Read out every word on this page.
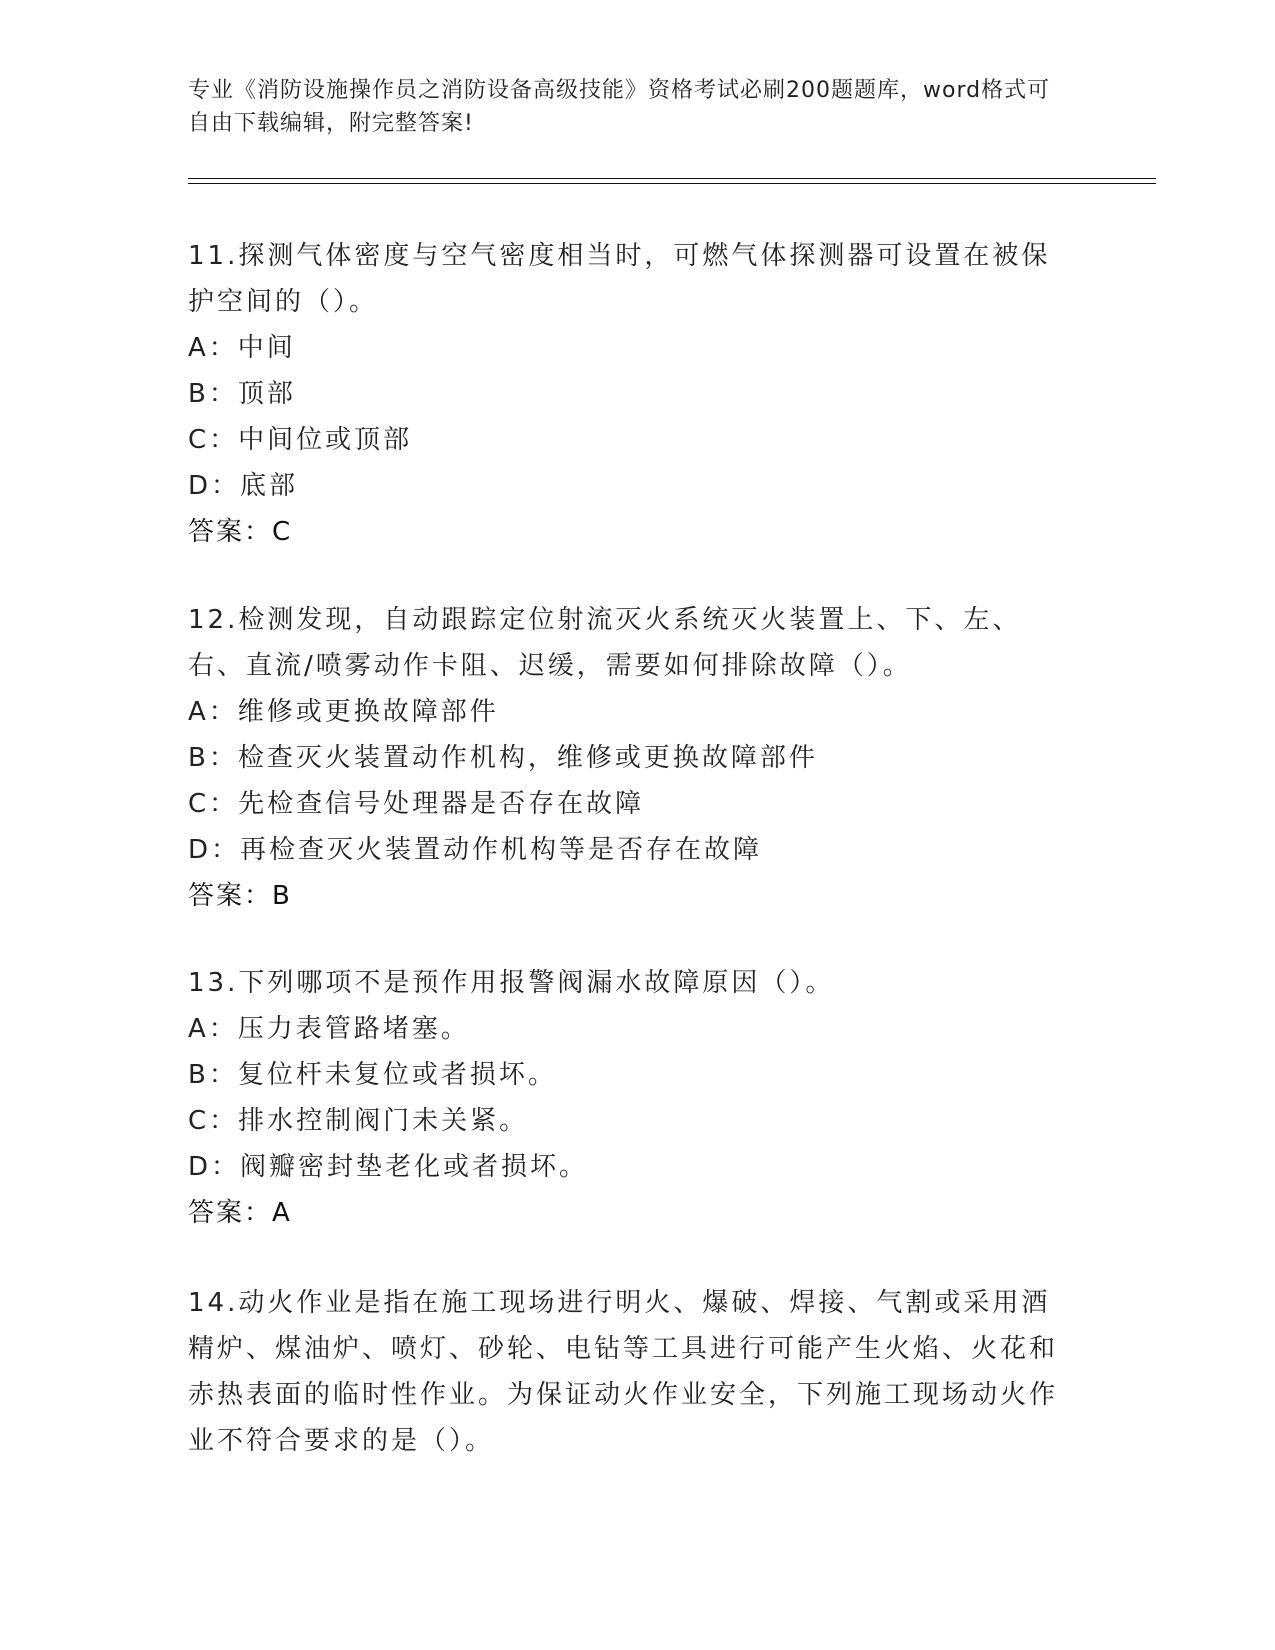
专业《消防设施操作员之消防设备高级技能》资格考试必刷200题题库，word格式可自由下载编辑，附完整答案!
11.探测气体密度与空气密度相当时，可燃气体探测器可设置在被保护空间的（）。
A：中间
B：顶部
C：中间位或顶部
D：底部
答案：C
12.检测发现，自动跟踪定位射流灭火系统灭火装置上、下、左、右、直流/喷雾动作卡阻、迟缓，需要如何排除故障（）。
A：维修或更换故障部件
B：检查灭火装置动作机构，维修或更换故障部件
C：先检查信号处理器是否存在故障
D：再检查灭火装置动作机构等是否存在故障
答案：B
13.下列哪项不是预作用报警阀漏水故障原因（）。
A：压力表管路堵塞。
B：复位杆未复位或者损坏。
C：排水控制阀门未关紧。
D：阀瓣密封垫老化或者损坏。
答案：A
14.动火作业是指在施工现场进行明火、爆破、焊接、气割或采用酒精炉、煤油炉、喷灯、砂轮、电钻等工具进行可能产生火焰、火花和赤热表面的临时性作业。为保证动火作业安全，下列施工现场动火作业不符合要求的是（）。
